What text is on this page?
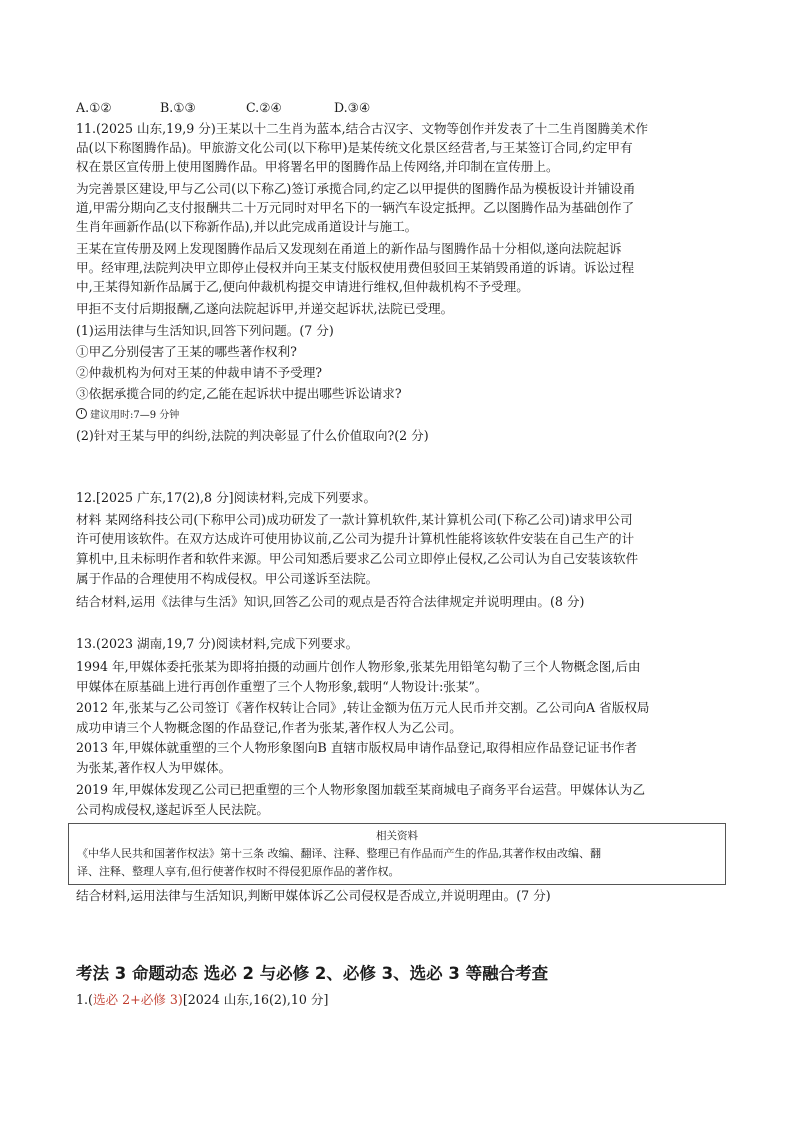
A.①②	B.①③	C.②④	D.③④
11.(2025 山东,19,9 分)王某以十二生肖为蓝本,结合古汉字、文物等创作并发表了十二生肖图腾美术作
品(以下称图腾作品)。甲旅游文化公司(以下称甲)是某传统文化景区经营者,与王某签订合同,约定甲有
权在景区宣传册上使用图腾作品。甲将署名甲的图腾作品上传网络,并印制在宣传册上。
为完善景区建设,甲与乙公司(以下称乙)签订承揽合同,约定乙以甲提供的图腾作品为模板设计并铺设甬
道,甲需分期向乙支付报酬共二十万元同时对甲名下的一辆汽车设定抵押。乙以图腾作品为基础创作了
生肖年画新作品(以下称新作品),并以此完成甬道设计与施工。
王某在宣传册及网上发现图腾作品后又发现刻在甬道上的新作品与图腾作品十分相似,遂向法院起诉
甲。经审理,法院判决甲立即停止侵权并向王某支付版权使用费但驳回王某销毁甬道的诉请。诉讼过程
中,王某得知新作品属于乙,便向仲裁机构提交申请进行维权,但仲裁机构不予受理。
甲拒不支付后期报酬,乙遂向法院起诉甲,并递交起诉状,法院已受理。
(1)运用法律与生活知识,回答下列问题。(7 分)
①甲乙分别侵害了王某的哪些著作权利?
②仲裁机构为何对王某的仲裁申请不予受理?
③依据承揽合同的约定,乙能在起诉状中提出哪些诉讼请求?
建议用时:7—9 分钟
(2)针对王某与甲的纠纷,法院的判决彰显了什么价值取向?(2 分)
12.[2025 广东,17(2),8 分]阅读材料,完成下列要求。
材料 某网络科技公司(下称甲公司)成功研发了一款计算机软件,某计算机公司(下称乙公司)请求甲公司
许可使用该软件。在双方达成许可使用协议前,乙公司为提升计算机性能将该软件安装在自己生产的计
算机中,且未标明作者和软件来源。甲公司知悉后要求乙公司立即停止侵权,乙公司认为自己安装该软件
属于作品的合理使用不构成侵权。甲公司遂诉至法院。
结合材料,运用《法律与生活》知识,回答乙公司的观点是否符合法律规定并说明理由。(8 分)
13.(2023 湖南,19,7 分)阅读材料,完成下列要求。
1994 年,甲媒体委托张某为即将拍摄的动画片创作人物形象,张某先用铅笔勾勒了三个人物概念图,后由
甲媒体在原基础上进行再创作重塑了三个人物形象,载明“人物设计:张某”。
2012 年,张某与乙公司签订《著作权转让合同》,转让金额为伍万元人民币并交割。乙公司向A 省版权局
成功申请三个人物概念图的作品登记,作者为张某,著作权人为乙公司。
2013 年,甲媒体就重塑的三个人物形象图向B 直辖市版权局申请作品登记,取得相应作品登记证书作者
为张某,著作权人为甲媒体。
2019 年,甲媒体发现乙公司已把重塑的三个人物形象图加载至某商城电子商务平台运营。甲媒体认为乙
公司构成侵权,遂起诉至人民法院。
相关资料
《中华人民共和国著作权法》第十三条 改编、翻译、注释、整理已有作品而产生的作品,其著作权由改编、翻
译、注释、整理人享有,但行使著作权时不得侵犯原作品的著作权。
结合材料,运用法律与生活知识,判断甲媒体诉乙公司侵权是否成立,并说明理由。(7 分)
考法 3 命题动态 选必 2 与必修 2、必修 3、选必 3 等融合考查
1.(选必 2+必修 3)[2024 山东,16(2),10 分]
